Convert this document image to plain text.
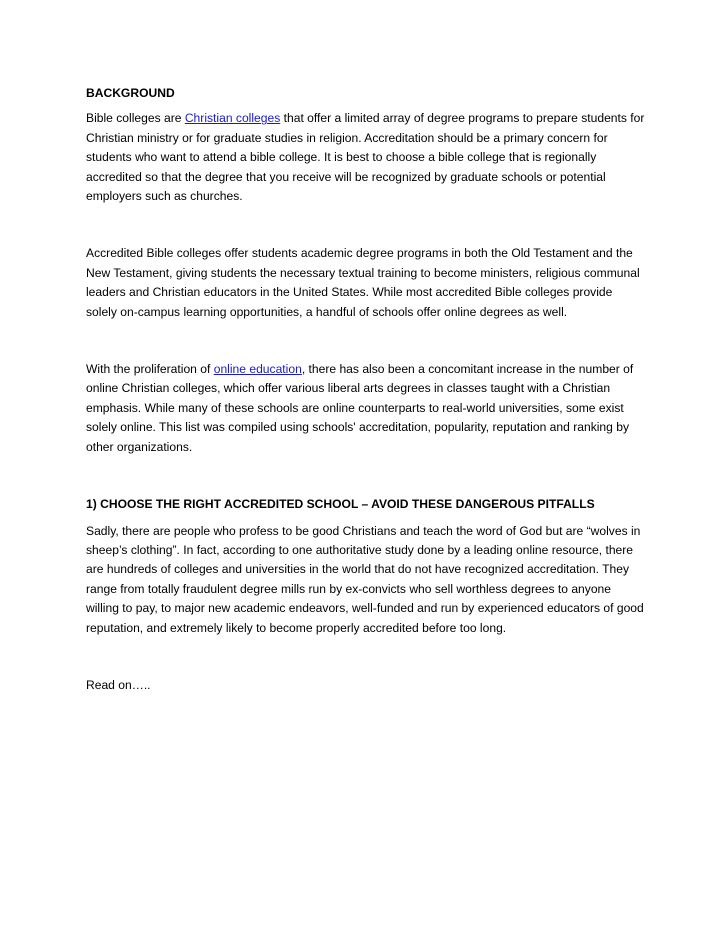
BACKGROUND

Bible colleges are Christian colleges that offer a limited array of degree programs to prepare students for Christian ministry or for graduate studies in religion. Accreditation should be a primary concern for students who want to attend a bible college. It is best to choose a bible college that is regionally accredited so that the degree that you receive will be recognized by graduate schools or potential employers such as churches.

Accredited Bible colleges offer students academic degree programs in both the Old Testament and the New Testament, giving students the necessary textual training to become ministers, religious communal leaders and Christian educators in the United States. While most accredited Bible colleges provide solely on-campus learning opportunities, a handful of schools offer online degrees as well.

With the proliferation of online education, there has also been a concomitant increase in the number of online Christian colleges, which offer various liberal arts degrees in classes taught with a Christian emphasis. While many of these schools are online counterparts to real-world universities, some exist solely online. This list was compiled using schools' accreditation, popularity, reputation and ranking by other organizations.

1) CHOOSE THE RIGHT ACCREDITED SCHOOL – AVOID THESE DANGEROUS PITFALLS

Sadly, there are people who profess to be good Christians and teach the word of God but are “wolves in sheep’s clothing”. In fact, according to one authoritative study done by a leading online resource, there are hundreds of colleges and universities in the world that do not have recognized accreditation. They range from totally fraudulent degree mills run by ex-convicts who sell worthless degrees to anyone willing to pay, to major new academic endeavors, well-funded and run by experienced educators of good reputation, and extremely likely to become properly accredited before too long.

Read on…..
